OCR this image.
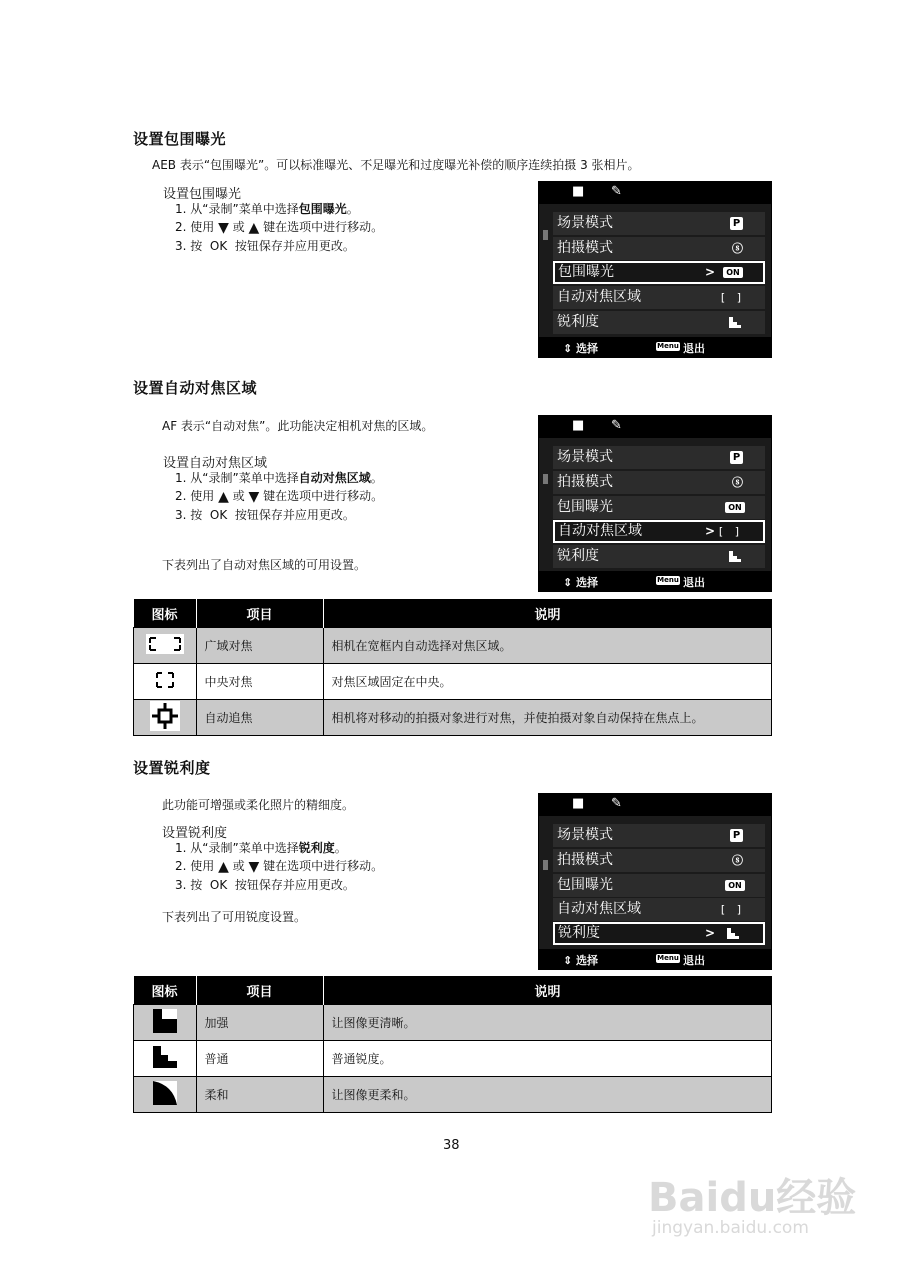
设置包围曝光
AEB 表示“包围曝光”。可以标准曝光、不足曝光和过度曝光补偿的顺序连续拍摄 3 张相片。
设置包围曝光
1. 从“录制”菜单中选择包围曝光。
2. 使用 ▼ 或 ▲ 键在选项中进行移动。
3. 按  OK  按钮保存并应用更改。
■ ✎
场景模式	P
拍摄模式	ⓢ
包围曝光	>	ON
自动对焦区域	[ ]
锐利度
⇕ 选择	Menu 退出
设置自动对焦区域
AF 表示“自动对焦”。此功能决定相机对焦的区域。
设置自动对焦区域
1. 从“录制”菜单中选择自动对焦区域。
2. 使用 ▲ 或 ▼ 键在选项中进行移动。
3. 按  OK  按钮保存并应用更改。
下表列出了自动对焦区域的可用设置。
■ ✎
场景模式	P
拍摄模式	ⓢ
包围曝光	ON
自动对焦区域	> [ ]
锐利度
⇕ 选择	Menu 退出
图标	项目	说明
	广域对焦	相机在宽框内自动选择对焦区域。
	中央对焦	对焦区域固定在中央。
	自动追焦	相机将对移动的拍摄对象进行对焦，并使拍摄对象自动保持在焦点上。
设置锐利度
此功能可增强或柔化照片的精细度。
设置锐利度
1. 从“录制”菜单中选择锐利度。
2. 使用 ▲ 或 ▼ 键在选项中进行移动。
3. 按  OK  按钮保存并应用更改。
下表列出了可用锐度设置。
■ ✎
场景模式	P
拍摄模式	ⓢ
包围曝光	ON
自动对焦区域	[ ]
锐利度	>
⇕ 选择	Menu 退出
图标	项目	说明
	加强	让图像更清晰。
	普通	普通锐度。
	柔和	让图像更柔和。
38
Baidu经验
jingyan.baidu.com
